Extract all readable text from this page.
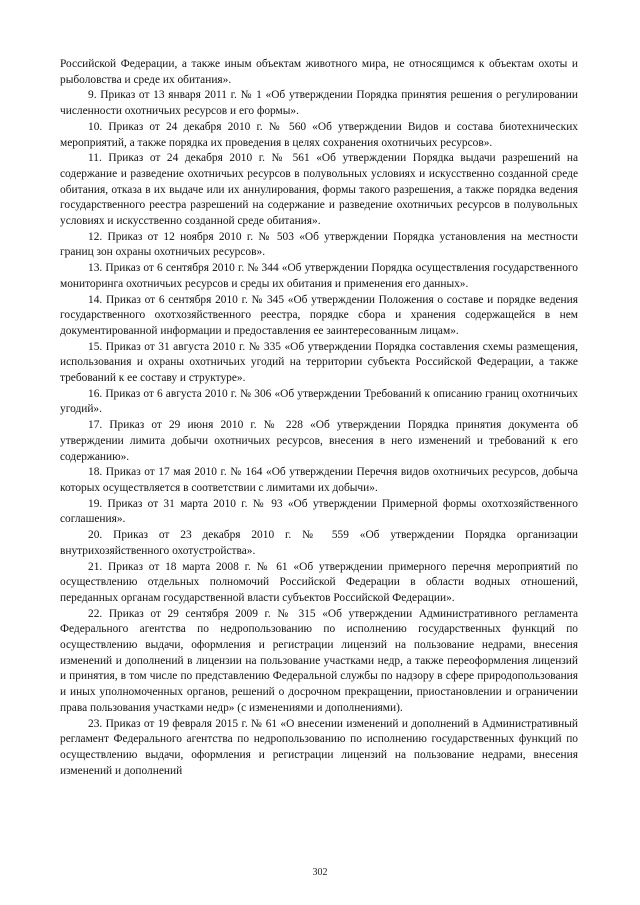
Российской Федерации, а также иным объектам животного мира, не относящимся к объектам охоты и рыболовства и среде их обитания».

9. Приказ от 13 января 2011 г. № 1 «Об утверждении Порядка принятия решения о регулировании численности охотничьих ресурсов и его формы».

10. Приказ от 24 декабря 2010 г. № 560 «Об утверждении Видов и состава биотехнических мероприятий, а также порядка их проведения в целях сохранения охотничьих ресурсов».

11. Приказ от 24 декабря 2010 г. № 561 «Об утверждении Порядка выдачи разрешений на содержание и разведение охотничьих ресурсов в полувольных условиях и искусственно созданной среде обитания, отказа в их выдаче или их аннулирования, формы такого разрешения, а также порядка ведения государственного реестра разрешений на содержание и разведение охотничьих ресурсов в полувольных условиях и искусственно созданной среде обитания».

12. Приказ от 12 ноября 2010 г. № 503 «Об утверждении Порядка установления на местности границ зон охраны охотничьих ресурсов».

13. Приказ от 6 сентября 2010 г. № 344 «Об утверждении Порядка осуществления государственного мониторинга охотничьих ресурсов и среды их обитания и применения его данных».

14. Приказ от 6 сентября 2010 г. № 345 «Об утверждении Положения о составе и порядке ведения государственного охотхозяйственного реестра, порядке сбора и хранения содержащейся в нем документированной информации и предоставления ее заинтересованным лицам».

15. Приказ от 31 августа 2010 г. № 335 «Об утверждении Порядка составления схемы размещения, использования и охраны охотничьих угодий на территории субъекта Российской Федерации, а также требований к ее составу и структуре».

16. Приказ от 6 августа 2010 г. № 306 «Об утверждении Требований к описанию границ охотничьих угодий».

17. Приказ от 29 июня 2010 г. № 228 «Об утверждении Порядка принятия документа об утверждении лимита добычи охотничьих ресурсов, внесения в него изменений и требований к его содержанию».

18. Приказ от 17 мая 2010 г. № 164 «Об утверждении Перечня видов охотничьих ресурсов, добыча которых осуществляется в соответствии с лимитами их добычи».

19. Приказ от 31 марта 2010 г. № 93 «Об утверждении Примерной формы охотхозяйственного соглашения».

20. Приказ от 23 декабря 2010 г. № 559 «Об утверждении Порядка организации внутрихозяйственного охотустройства».

21. Приказ от 18 марта 2008 г. № 61 «Об утверждении примерного перечня мероприятий по осуществлению отдельных полномочий Российской Федерации в области водных отношений, переданных органам государственной власти субъектов Российской Федерации».

22. Приказ от 29 сентября 2009 г. № 315 «Об утверждении Административного регламента Федерального агентства по недропользованию по исполнению государственных функций по осуществлению выдачи, оформления и регистрации лицензий на пользование недрами, внесения изменений и дополнений в лицензии на пользование участками недр, а также переоформления лицензий и принятия, в том числе по представлению Федеральной службы по надзору в сфере природопользования и иных уполномоченных органов, решений о досрочном прекращении, приостановлении и ограничении права пользования участками недр» (с изменениями и дополнениями).

23. Приказ от 19 февраля 2015 г. № 61 «О внесении изменений и дополнений в Административный регламент Федерального агентства по недропользованию по исполнению государственных функций по осуществлению выдачи, оформления и регистрации лицензий на пользование недрами, внесения изменений и дополнений

302
